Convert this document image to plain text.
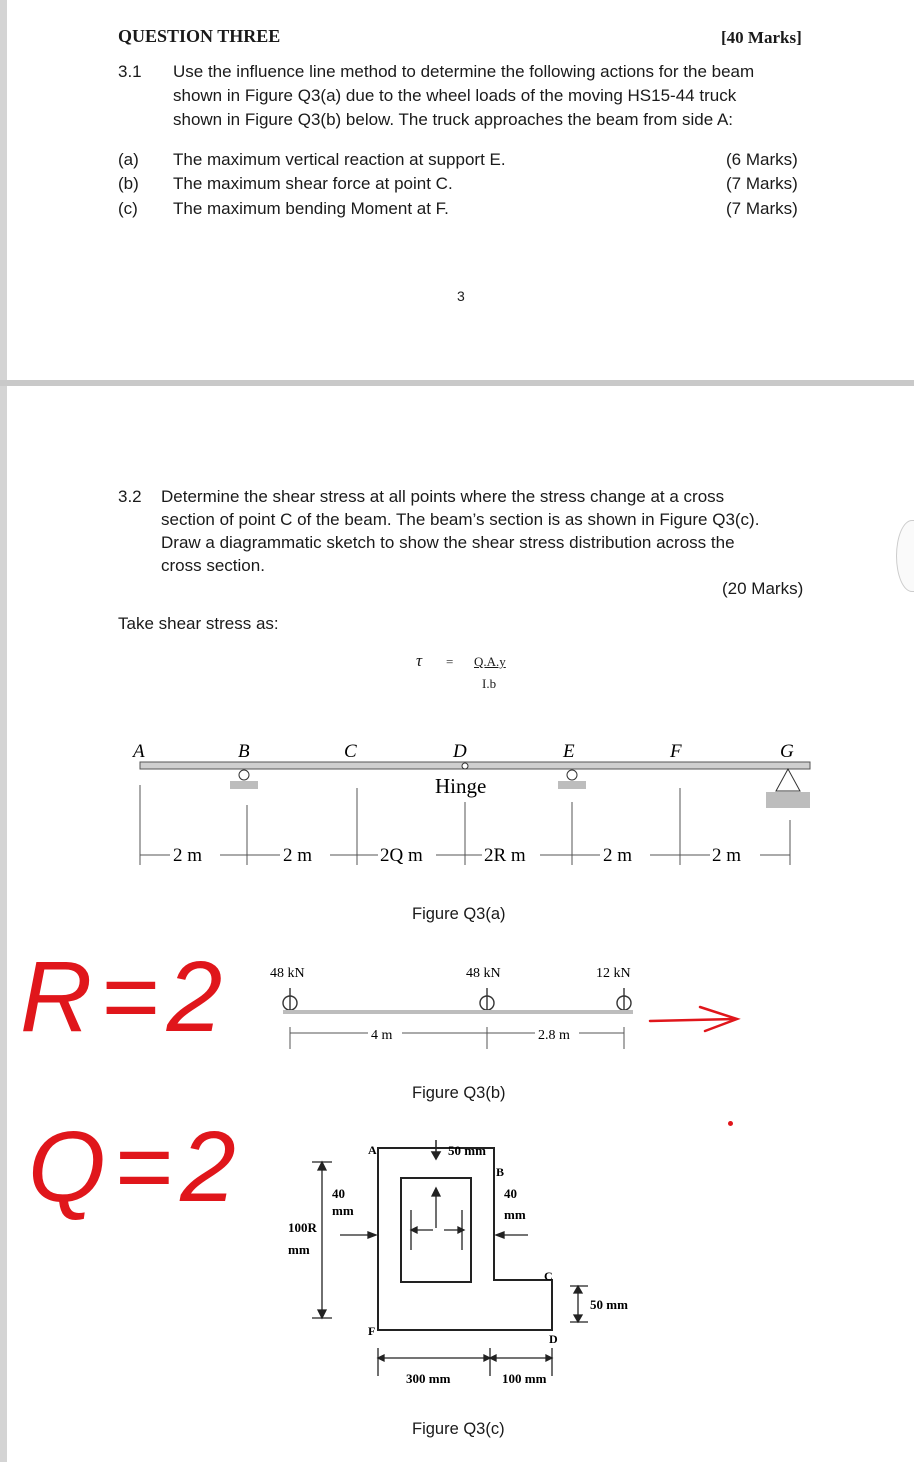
QUESTION THREE	[40 Marks]
3.1 Use the influence line method to determine the following actions for the beam
shown in Figure Q3(a) due to the wheel loads of the moving HS15-44 truck
shown in Figure Q3(b) below. The truck approaches the beam from side A:
(a) The maximum vertical reaction at support E.	(6 Marks)
(b) The maximum shear force at point C.	(7 Marks)
(c) The maximum bending Moment at F.	(7 Marks)
3
3.2 Determine the shear stress at all points where the stress change at a cross
section of point C of the beam. The beam’s section is as shown in Figure Q3(c).
Draw a diagrammatic sketch to show the shear stress distribution across the
cross section.
(20 Marks)
Take shear stress as:
τ = Q.A.y
I.b
A	B	C	D	E	F	G
Hinge
2 m	2 m	2Q m	2R m	2 m	2 m
Figure Q3(a)
48 kN	48 kN	12 kN
4 m	2.8 m
Figure Q3(b)
R=2
Q=2	A
B
C
D
F
50 mm
40
mm
40
mm
100R
mm
50 mm
300 mm	100 mm
Figure Q3(c)
